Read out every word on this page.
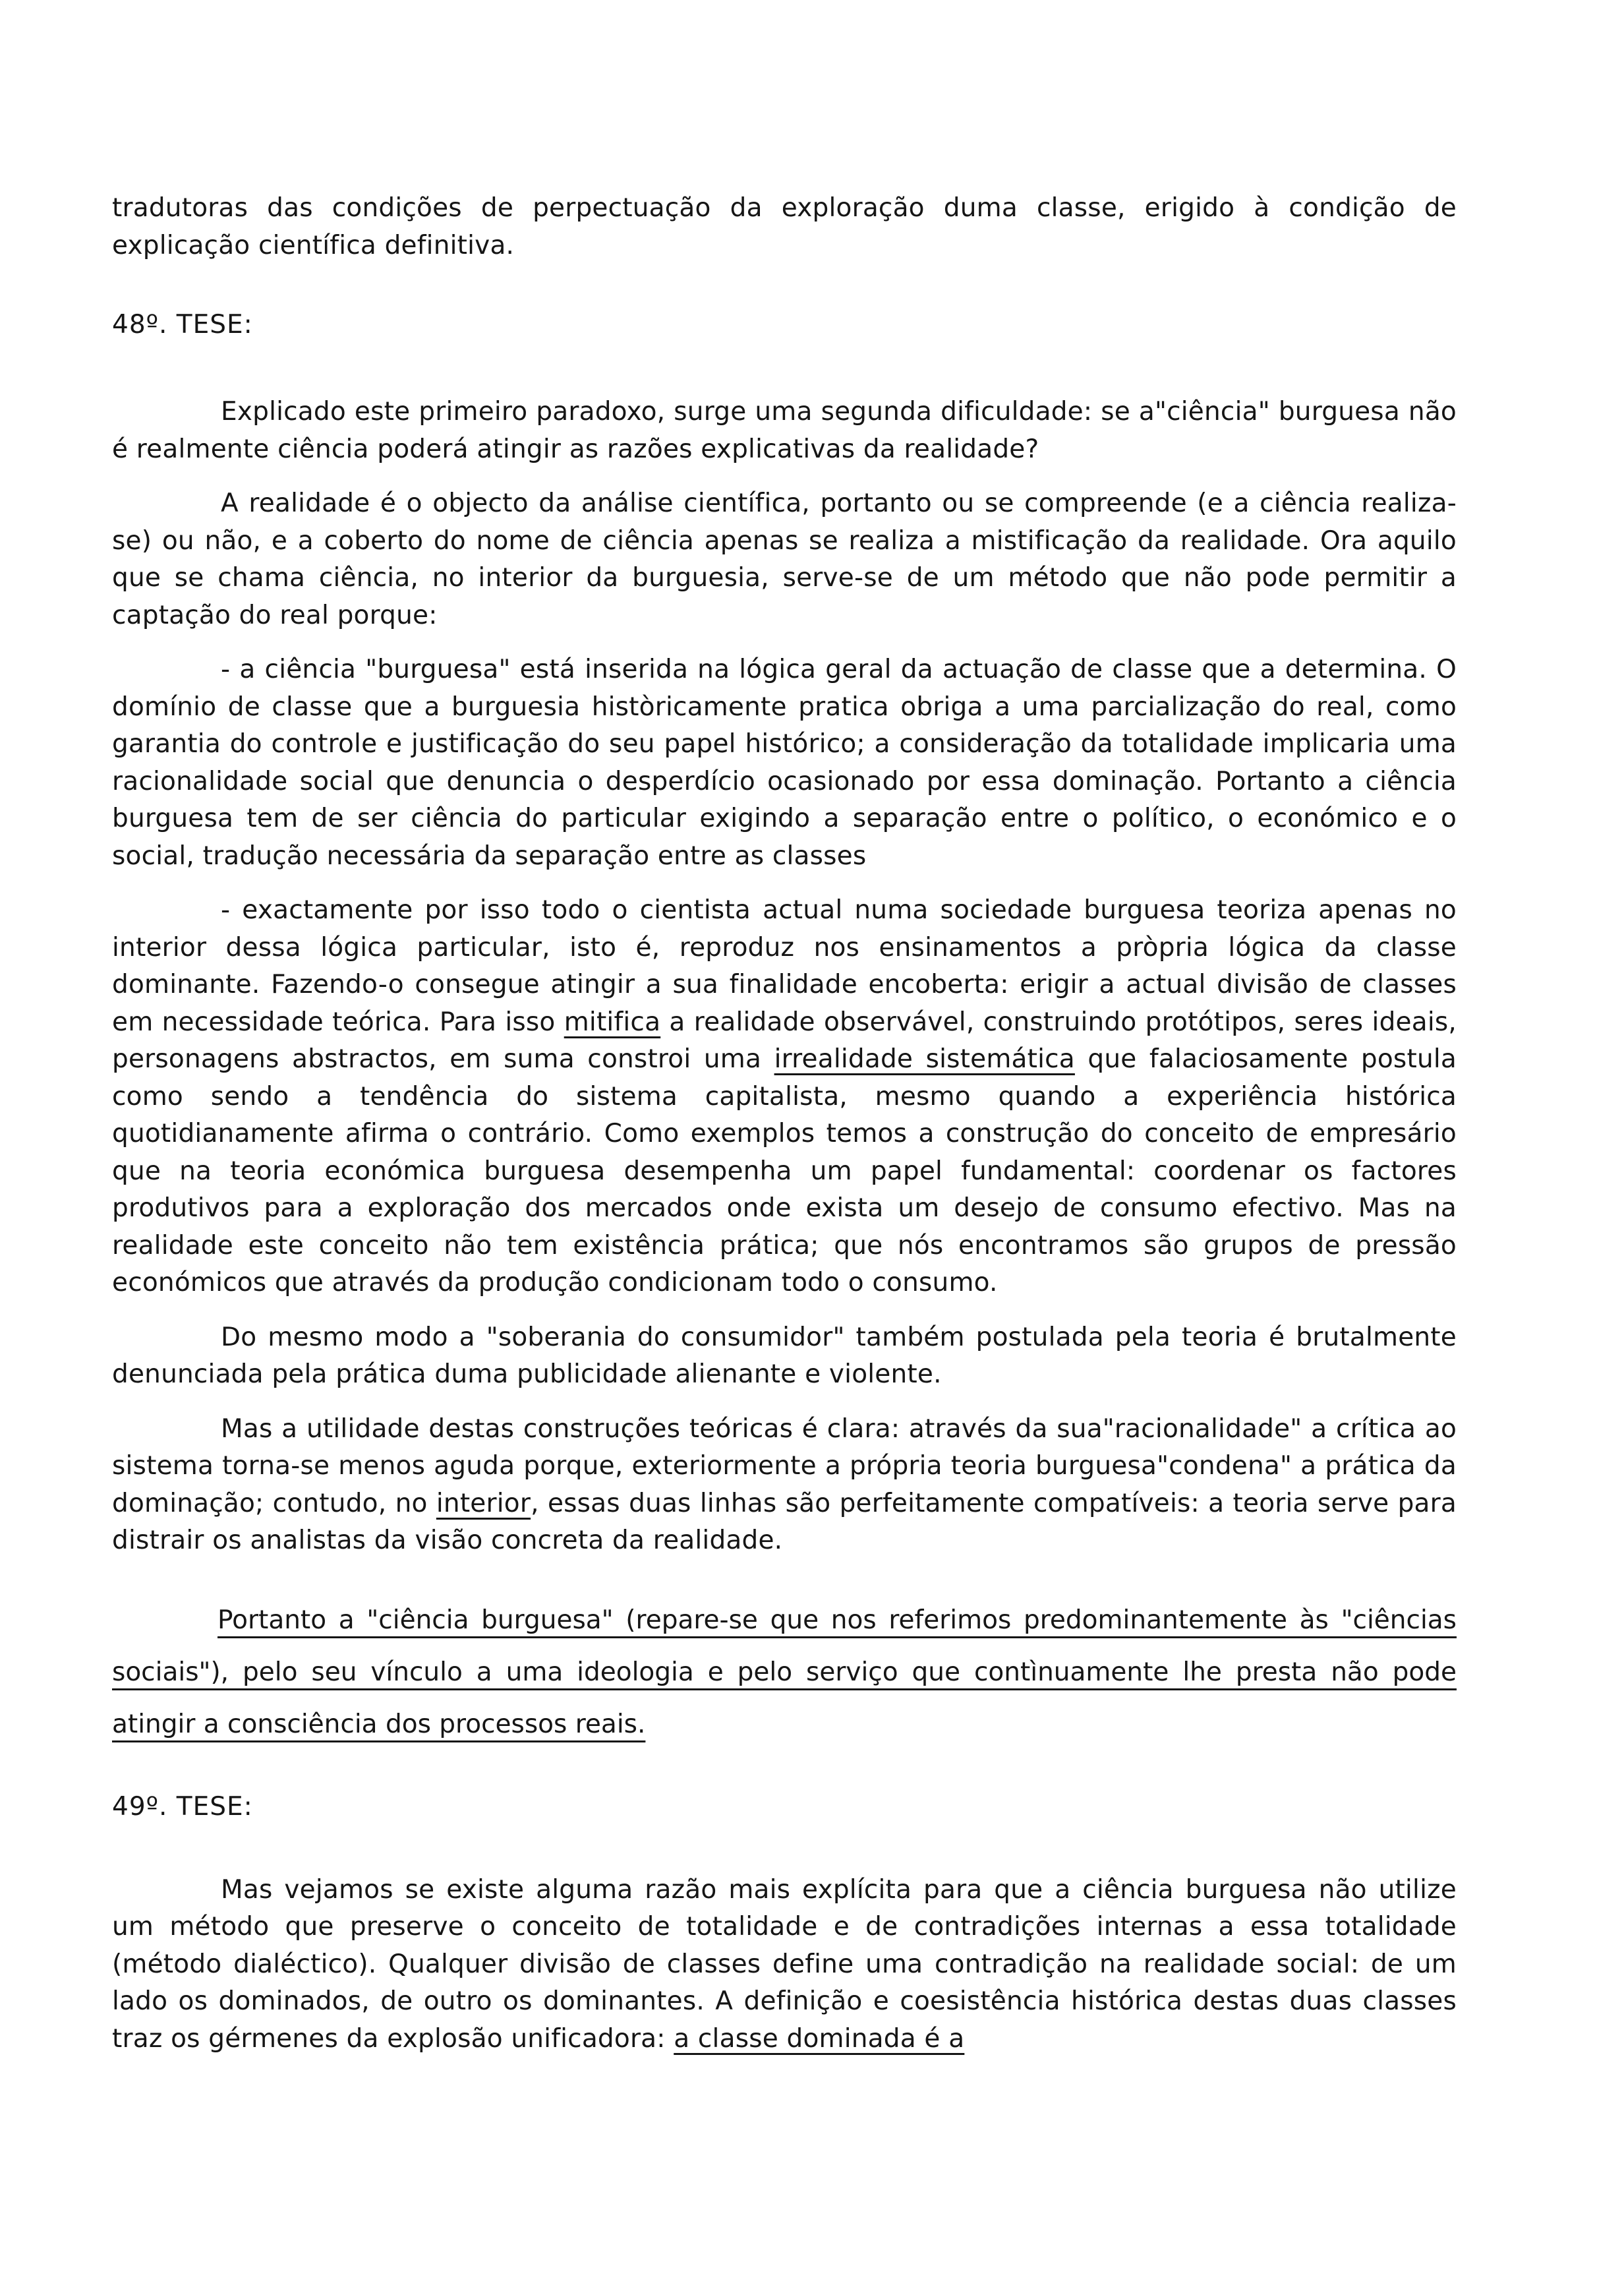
tradutoras das condições de perpectuação da exploração duma classe, erigido à condição de explicação científica definitiva.

48º. TESE:

Explicado este primeiro paradoxo, surge uma segunda dificuldade: se a"ciência" burguesa não é realmente ciência poderá atingir as razões explicativas da realidade?

A realidade é o objecto da análise científica, portanto ou se compreende (e a ciência realiza-se) ou não, e a coberto do nome de ciência apenas se realiza a mistificação da realidade. Ora aquilo que se chama ciência, no interior da burguesia, serve-se de um método que não pode permitir a captação do real porque:

- a ciência "burguesa" está inserida na lógica geral da actuação de classe que a determina. O domínio de classe que a burguesia històricamente pratica obriga a uma parcialização do real, como garantia do controle e justificação do seu papel histórico; a consideração da totalidade implicaria uma racionalidade social que denuncia o desperdício ocasionado por essa dominação. Portanto a ciência burguesa tem de ser ciência do particular exigindo a separação entre o político, o económico e o social, tradução necessária da separação entre as classes

- exactamente por isso todo o cientista actual numa sociedade burguesa teoriza apenas no interior dessa lógica particular, isto é, reproduz nos ensinamentos a pròpria lógica da classe dominante. Fazendo-o consegue atingir a sua finalidade encoberta: erigir a actual divisão de classes em necessidade teórica. Para isso mitifica a realidade observável, construindo protótipos, seres ideais, personagens abstractos, em suma constroi uma irrealidade sistemática que falaciosamente postula como sendo a tendência do sistema capitalista, mesmo quando a experiência histórica quotidianamente afirma o contrário. Como exemplos temos a construção do conceito de empresário que na teoria económica burguesa desempenha um papel fundamental: coordenar os factores produtivos para a exploração dos mercados onde exista um desejo de consumo efectivo. Mas na realidade este conceito não tem existência prática; que nós encontramos são grupos de pressão económicos que através da produção condicionam todo o consumo.

Do mesmo modo a "soberania do consumidor" também postulada pela teoria é brutalmente denunciada pela prática duma publicidade alienante e violente.

Mas a utilidade destas construções teóricas é clara: através da sua"racionalidade" a crítica ao sistema torna-se menos aguda porque, exteriormente a própria teoria burguesa"condena" a prática da dominação; contudo, no interior, essas duas linhas são perfeitamente compatíveis: a teoria serve para distrair os analistas da visão concreta da realidade.

Portanto a "ciência burguesa" (repare-se que nos referimos predominantemente às "ciências sociais"), pelo seu vínculo a uma ideologia e pelo serviço que contìnuamente lhe presta não pode atingir a consciência dos processos reais.

49º. TESE:

Mas vejamos se existe alguma razão mais explícita para que a ciência burguesa não utilize um método que preserve o conceito de totalidade e de contradições internas a essa totalidade (método dialéctico). Qualquer divisão de classes define uma contradição na realidade social: de um lado os dominados, de outro os dominantes. A definição e coesistência histórica destas duas classes traz os gérmenes da explosão unificadora: a classe dominada é a
